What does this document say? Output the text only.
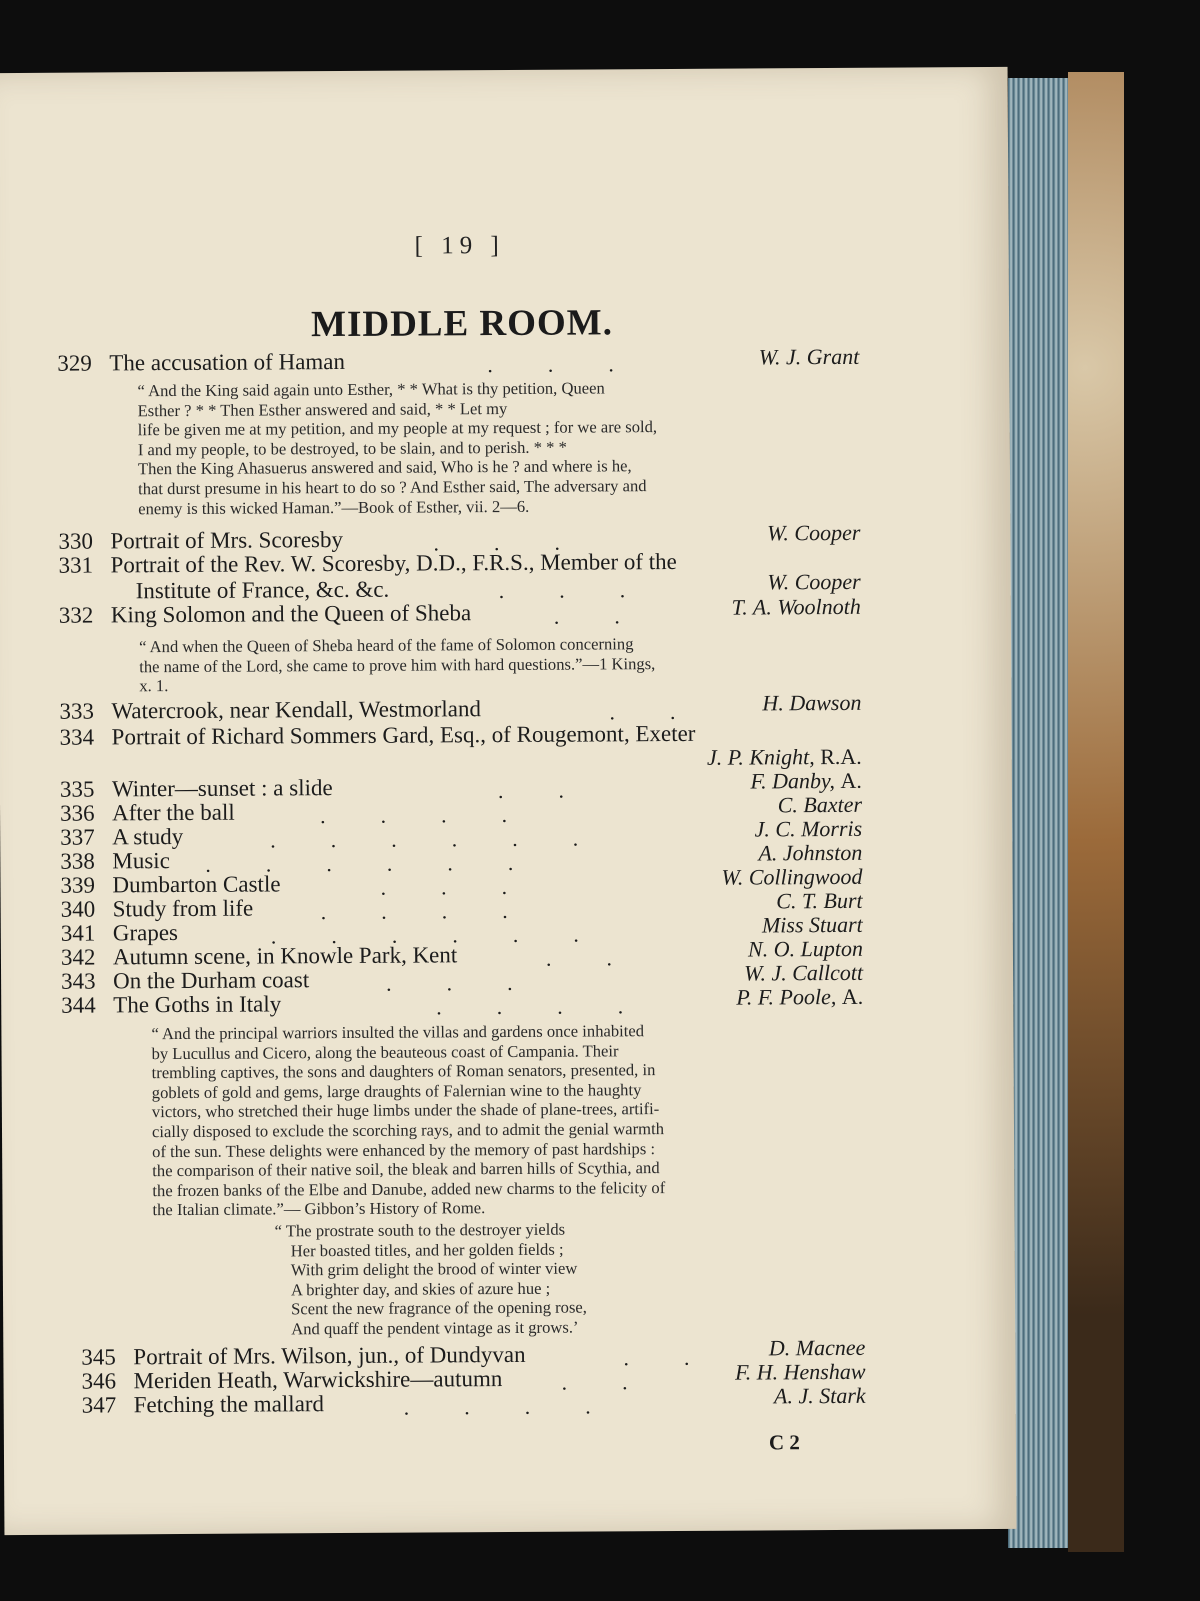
[ 19 ]
MIDDLE ROOM.
329 The accusation of Haman	.          .          .	W. J. Grant

“ And the King said again unto Esther, * * What is thy petition, Queen

Esther ? * * Then Esther answered and said, * * Let my

life be given me at my petition, and my people at my request ; for we are sold,

I and my people, to be destroyed, to be slain, and to perish. * * *

Then the King Ahasuerus answered and said, Who is he ? and where is he,

that durst presume in his heart to do so ? And Esther said, The adversary and

enemy is this wicked Haman.”—Book of Esther, vii. 2—6.

330 Portrait of Mrs. Scoresby	.          .          .	W. Cooper
331 Portrait of the Rev. W. Scoresby, D.D., F.R.S., Member of the
Institute of France, &c. &c.	.          .          .	W. Cooper
332 King Solomon and the Queen of Sheba	.          .	T. A. Woolnoth

“ And when the Queen of Sheba heard of the fame of Solomon concerning

the name of the Lord, she came to prove him with hard questions.”—1 Kings,

x. 1.

333 Watercrook, near Kendall, Westmorland	.          .	H. Dawson
334 Portrait of Richard Sommers Gard, Esq., of Rougemont, Exeter
J. P. Knight, R.A.
335 Winter—sunset : a slide	.          .	F. Danby, A.
336 After the ball	.          .          .          .	C. Baxter
337 A study	.          .          .          .          .          .	J. C. Morris
338 Music .          .          .          .          .          .	A. Johnston
339 Dumbarton Castle	.          .          .	W. Collingwood
340 Study from life	.          .          .          .	C. T. Burt
341 Grapes	.          .          .          .          .          .	Miss Stuart
342 Autumn scene, in Knowle Park, Kent	.          .	N. O. Lupton
343 On the Durham coast	.          .          .	W. J. Callcott
344 The Goths in Italy	.          .          .          .	P. F. Poole, A.

“ And the principal warriors insulted the villas and gardens once inhabited

by Lucullus and Cicero, along the beauteous coast of Campania. Their

trembling captives, the sons and daughters of Roman senators, presented, in

goblets of gold and gems, large draughts of Falernian wine to the haughty

victors, who stretched their huge limbs under the shade of plane-trees, artifi-

cially disposed to exclude the scorching rays, and to admit the genial warmth

of the sun. These delights were enhanced by the memory of past hardships :

the comparison of their native soil, the bleak and barren hills of Scythia, and

the frozen banks of the Elbe and Danube, added new charms to the felicity of

the Italian climate.”— Gibbon’s History of Rome.

“ The prostrate south to the destroyer yields
Her boasted titles, and her golden fields ;
With grim delight the brood of winter view
A brighter day, and skies of azure hue ;
Scent the new fragrance of the opening rose,
And quaff the pendent vintage as it grows.’
345 Portrait of Mrs. Wilson, jun., of Dundyvan	.          .	D. Macnee
346 Meriden Heath, Warwickshire—autumn	.          .	F. H. Henshaw
347 Fetching the mallard	.          .          .          .	A. J. Stark
C 2
